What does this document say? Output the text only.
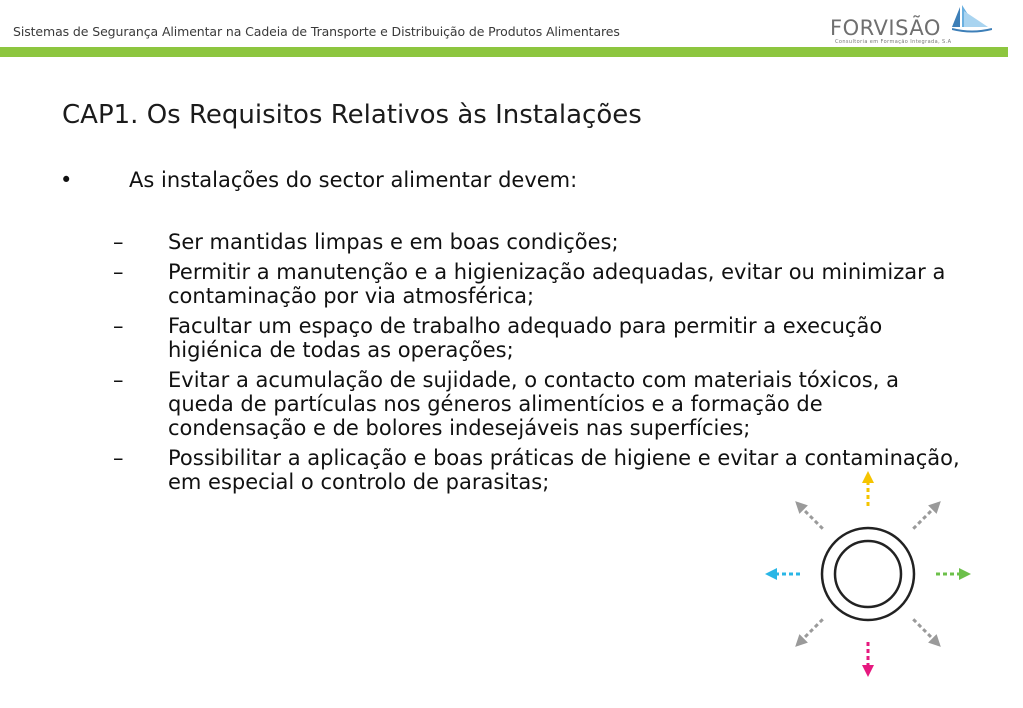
Sistemas de Segurança Alimentar na Cadeia de Transporte e Distribuição de Produtos Alimentares	FORVISÃO
Consultoria em Formação Integrada, S.A
CAP1. Os Requisitos Relativos às Instalações
•	As instalações do sector alimentar devem:
– Ser mantidas limpas e em boas condições;
– Permitir a manutenção e a higienização adequadas, evitar ou minimizar a contaminação por via atmosférica;
– Facultar um espaço de trabalho adequado para permitir a execução higiénica de todas as operações;
– Evitar a acumulação de sujidade, o contacto com materiais tóxicos, a queda de partículas nos géneros alimentícios e a formação de condensação e de bolores indesejáveis nas superfícies;
– Possibilitar a aplicação e boas práticas de higiene e evitar a contaminação, em especial o controlo de parasitas;
